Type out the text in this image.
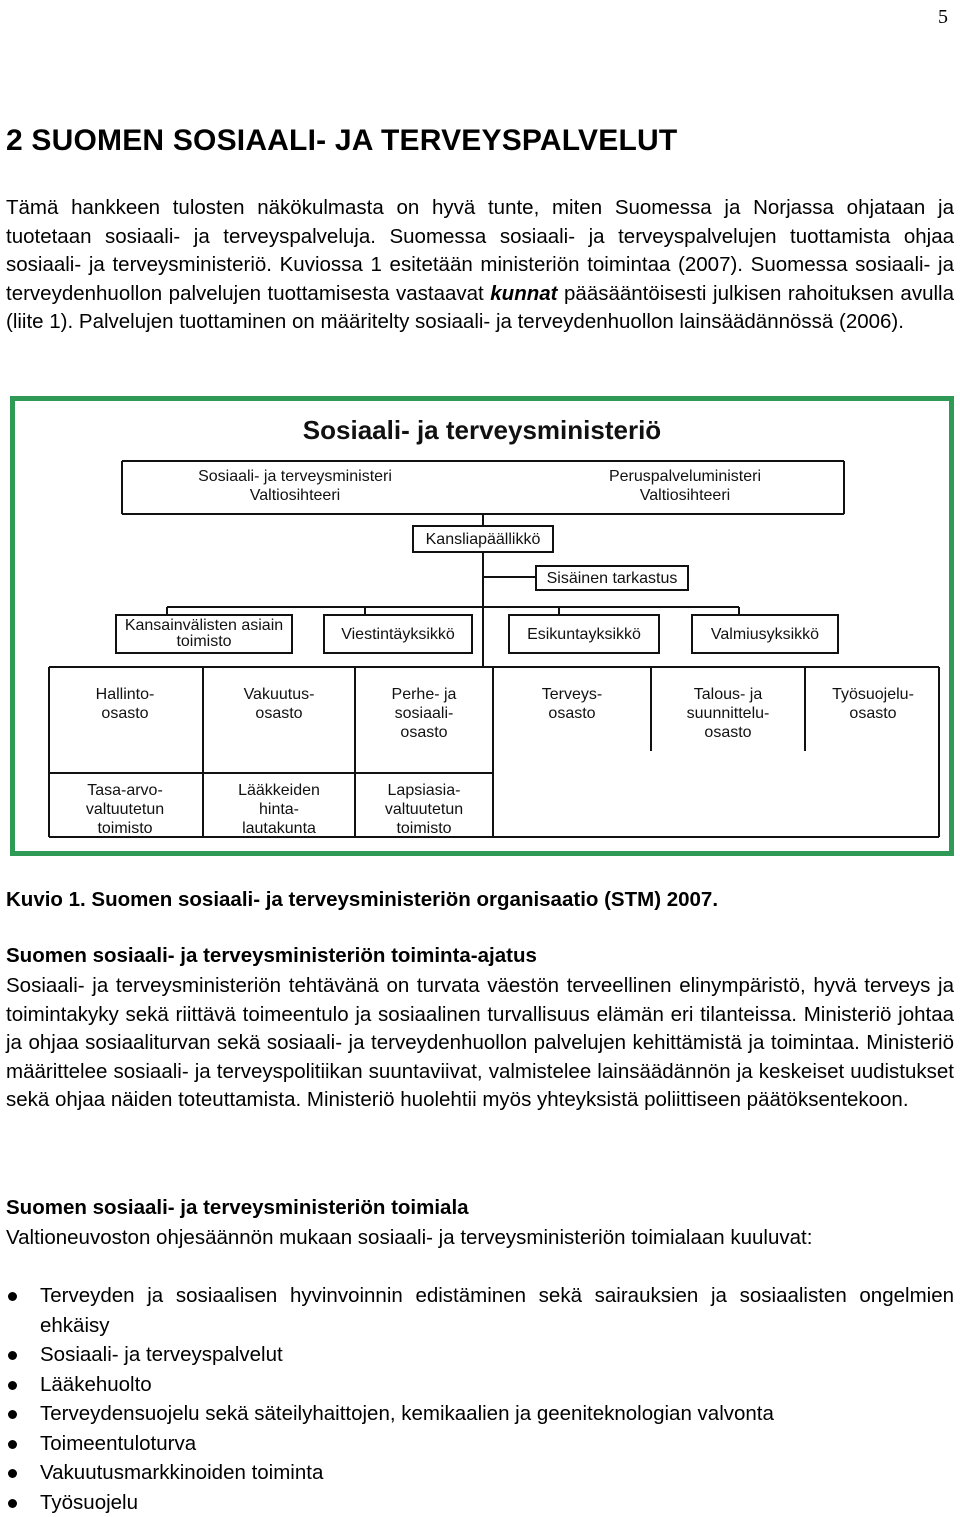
5
2 SUOMEN SOSIAALI- JA TERVEYSPALVELUT

Tämä hankkeen tulosten näkökulmasta on hyvä tunte, miten Suomessa ja Norjassa ohjataan ja tuotetaan sosiaali- ja terveyspalveluja. Suomessa sosiaali- ja terveyspalvelujen tuottamista ohjaa sosiaali- ja terveysministeriö. Kuviossa 1 esitetään ministeriön toimintaa (2007). Suomessa sosiaali- ja terveydenhuollon palvelujen tuottamisesta vastaavat kunnat pääsääntöisesti julkisen rahoituksen avulla (liite 1). Palvelujen tuottaminen on määritelty sosiaali- ja terveydenhuollon lainsäädännössä (2006).

Sosiaali- ja terveysministeriö
Sosiaali- ja terveysministeri
Valtiosihteeri
Peruspalveluministeri
Valtiosihteeri
Kansliapäällikkö
Sisäinen tarkastus
Kansainvälisten asiain
toimisto	Viestintäyksikkö	Esikuntayksikkö	Valmiusyksikkö
Hallinto-
osasto
Vakuutus-
osasto
Perhe- ja
sosiaali-
osasto
Terveys-
osasto
Talous- ja
suunnittelu-
osasto
Työsuojelu-
osasto
Tasa-arvo-
valtuutetun
toimisto
Lääkkeiden
hinta-
lautakunta
Lapsiasia-
valtuutetun
toimisto

Kuvio 1. Suomen sosiaali- ja terveysministeriön organisaatio (STM) 2007.

Suomen sosiaali- ja terveysministeriön toiminta-ajatus

Sosiaali- ja terveysministeriön tehtävänä on turvata väestön terveellinen elinympäristö, hyvä terveys ja toimintakyky sekä riittävä toimeentulo ja sosiaalinen turvallisuus elämän eri tilanteissa. Ministeriö johtaa ja ohjaa sosiaaliturvan sekä sosiaali- ja terveydenhuollon palvelujen kehittämistä ja toimintaa. Ministeriö määrittelee sosiaali- ja terveyspolitiikan suuntaviivat, valmistelee lainsäädännön ja keskeiset uudistukset sekä ohjaa näiden toteuttamista. Ministeriö huolehtii myös yhteyksistä poliittiseen päätöksentekoon.

Suomen sosiaali- ja terveysministeriön toimiala

Valtioneuvoston ohjesäännön mukaan sosiaali- ja terveysministeriön toimialaan kuuluvat:

Terveyden ja sosiaalisen hyvinvoinnin edistäminen sekä sairauksien ja sosiaalisten ongelmien ehkäisy
Sosiaali- ja terveyspalvelut
Lääkehuolto
Terveydensuojelu sekä säteilyhaittojen, kemikaalien ja geeniteknologian valvonta
Toimeentuloturva
Vakuutusmarkkinoiden toiminta
Työsuojelu
